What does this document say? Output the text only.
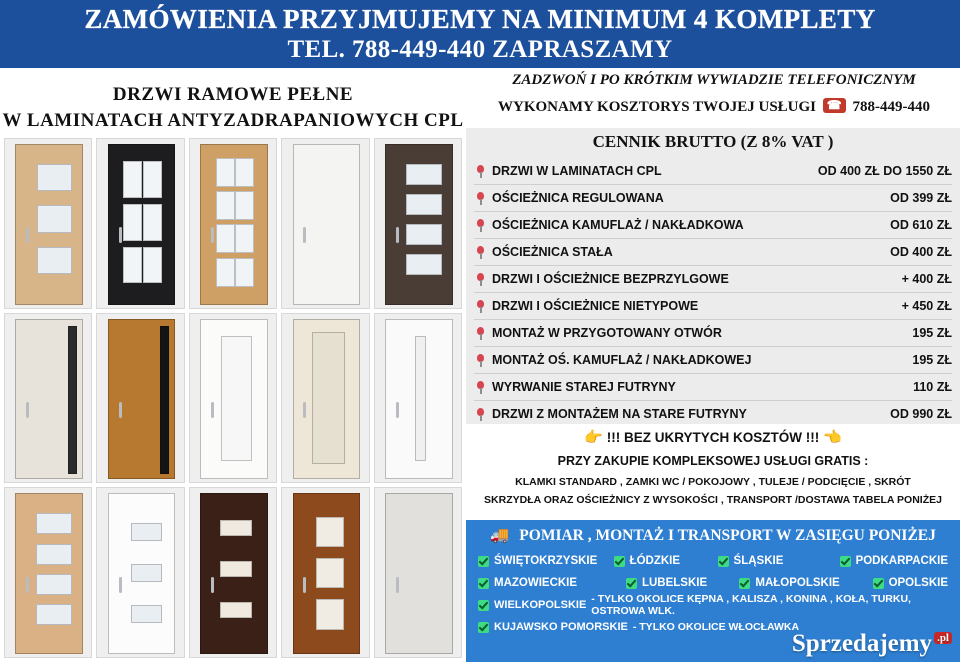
ZAMÓWIENIA PRZYJMUJEMY NA MINIMUM 4 KOMPLETY
TEL. 788-449-440 ZAPRASZAMY
DRZWI RAMOWE PEŁNE
W LAMINATACH ANTYZADRAPANIOWYCH CPL
ZADZWOŃ I PO KRÓTKIM WYWIADZIE TELEFONICZNYM
WYKONAMY KOSZTORYS TWOJEJ USŁUGI ☎ 788-449-440
CENNIK BRUTTO (Z 8% VAT )
DRZWI W LAMINATACH CPL	OD 400 ZŁ DO 1550 ZŁ
OŚCIEŻNICA REGULOWANA	OD 399 ZŁ
OŚCIEŻNICA KAMUFLAŻ / NAKŁADKOWA	OD 610 ZŁ
OŚCIEŻNICA STAŁA	OD 400 ZŁ
DRZWI I OŚCIEŻNICE BEZPRZYLGOWE	+ 400 ZŁ
DRZWI I OŚCIEŻNICE NIETYPOWE	+ 450 ZŁ
MONTAŻ W PRZYGOTOWANY OTWÓR	195 ZŁ
MONTAŻ OŚ. KAMUFLAŻ / NAKŁADKOWEJ	195 ZŁ
WYRWANIE STAREJ FUTRYNY	110 ZŁ
DRZWI Z MONTAŻEM NA STARE FUTRYNY	OD 990 ZŁ
👉 !!! BEZ UKRYTYCH KOSZTÓW !!! 👈
PRZY ZAKUPIE KOMPLEKSOWEJ USŁUGI GRATIS :
KLAMKI STANDARD , ZAMKI WC / POKOJOWY , TULEJE / PODCIĘCIE , SKRÓT
SKRZYDŁA ORAZ OŚCIEŻNICY Z WYSOKOŚCI , TRANSPORT /DOSTAWA TABELA PONIŻEJ
🚚 POMIAR , MONTAŻ I TRANSPORT W ZASIĘGU PONIŻEJ
ŚWIĘTOKRZYSKIE	ŁÓDZKIE	ŚLĄSKIE	PODKARPACKIE
MAZOWIECKIE	LUBELSKIE	MAŁOPOLSKIE	OPOLSKIE
WIELKOPOLSKIE - TYLKO OKOLICE KĘPNA , KALISZA , KONINA , KOŁA, TURKU, OSTROWA WLK.
KUJAWSKO POMORSKIE - TYLKO OKOLICE WŁOCŁAWKA
Sprzedajemy .pl
